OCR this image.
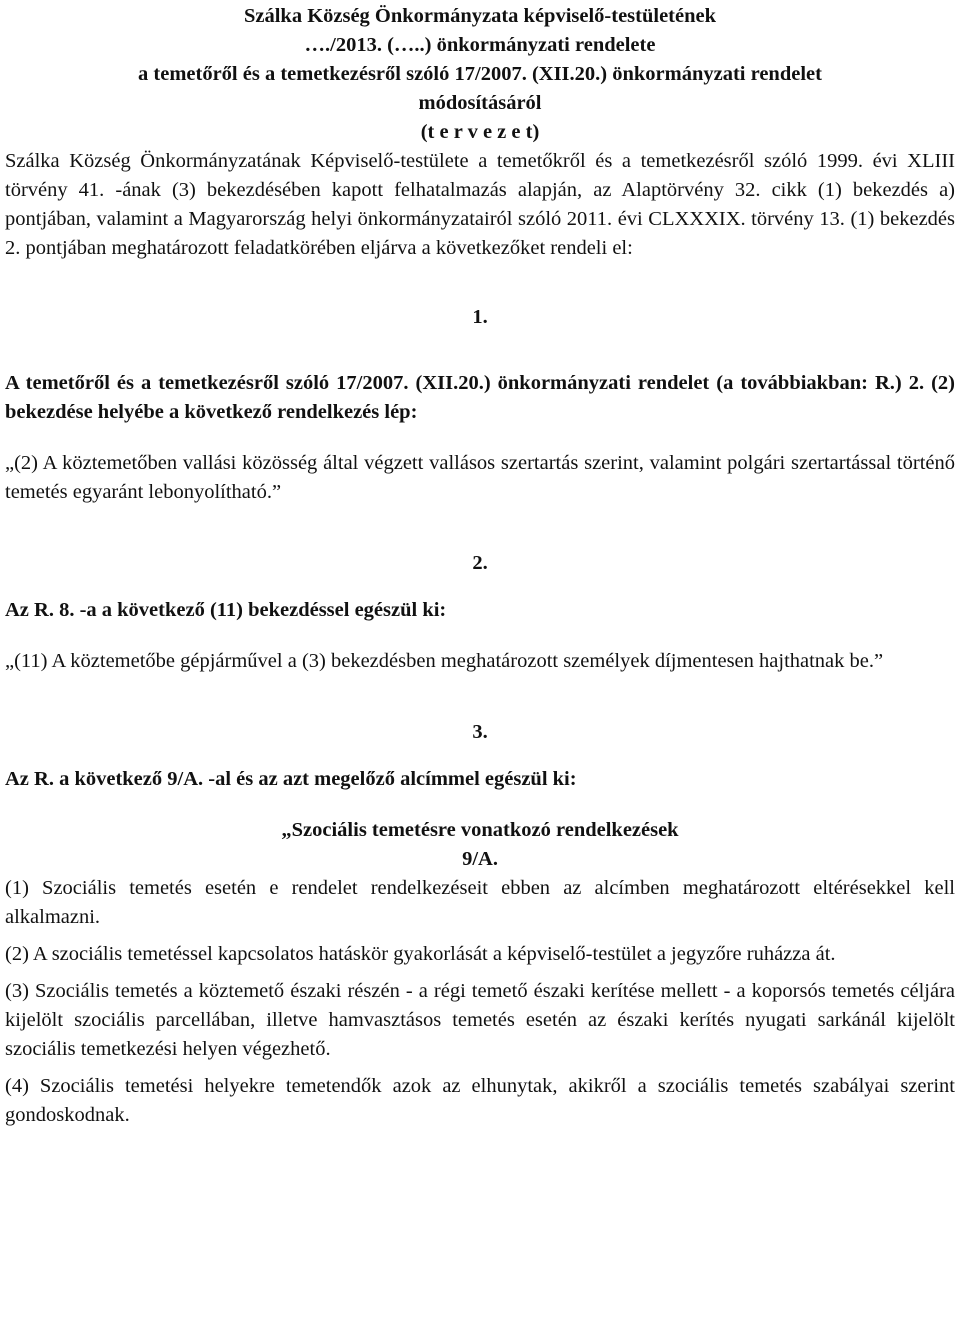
Szálka Község Önkormányzata képviselő-testületének

…./2013. (…..) önkormányzati rendelete

a temetőről és a temetkezésről szóló 17/2007. (XII.20.) önkormányzati rendelet

módosításáról

(t e r v e z e t)

Szálka Község Önkormányzatának Képviselő-testülete a temetőkről és a temetkezésről szóló 1999. évi XLIII törvény 41. -ának (3) bekezdésében kapott felhatalmazás alapján, az Alaptörvény 32. cikk (1) bekezdés a) pontjában, valamint a Magyarország helyi önkormányzatairól szóló 2011. évi CLXXXIX. törvény 13. (1) bekezdés 2. pontjában meghatározott feladatkörében eljárva a következőket rendeli el:

1.

A temetőről és a temetkezésről szóló 17/2007. (XII.20.) önkormányzati rendelet (a továbbiakban: R.) 2. (2) bekezdése helyébe a következő rendelkezés lép:

„(2) A köztemetőben vallási közösség által végzett vallásos szertartás szerint, valamint polgári szertartással történő temetés egyaránt lebonyolítható.”

2.

Az R. 8. -a a következő (11) bekezdéssel egészül ki:

„(11) A köztemetőbe gépjárművel a (3) bekezdésben meghatározott személyek díjmentesen hajthatnak be.”

3.

Az R. a következő 9/A. -al és az azt megelőző alcímmel egészül ki:

„Szociális temetésre vonatkozó rendelkezések

9/A.

(1) Szociális temetés esetén e rendelet rendelkezéseit ebben az alcímben meghatározott eltérésekkel kell alkalmazni.

(2) A szociális temetéssel kapcsolatos hatáskör gyakorlását a képviselő-testület a jegyzőre ruházza át.

(3) Szociális temetés a köztemető északi részén - a régi temető északi kerítése mellett - a koporsós temetés céljára kijelölt szociális parcellában, illetve hamvasztásos temetés esetén az északi kerítés nyugati sarkánál kijelölt szociális temetkezési helyen végezhető.

(4) Szociális temetési helyekre temetendők azok az elhunytak, akikről a szociális temetés szabályai szerint gondoskodnak.
